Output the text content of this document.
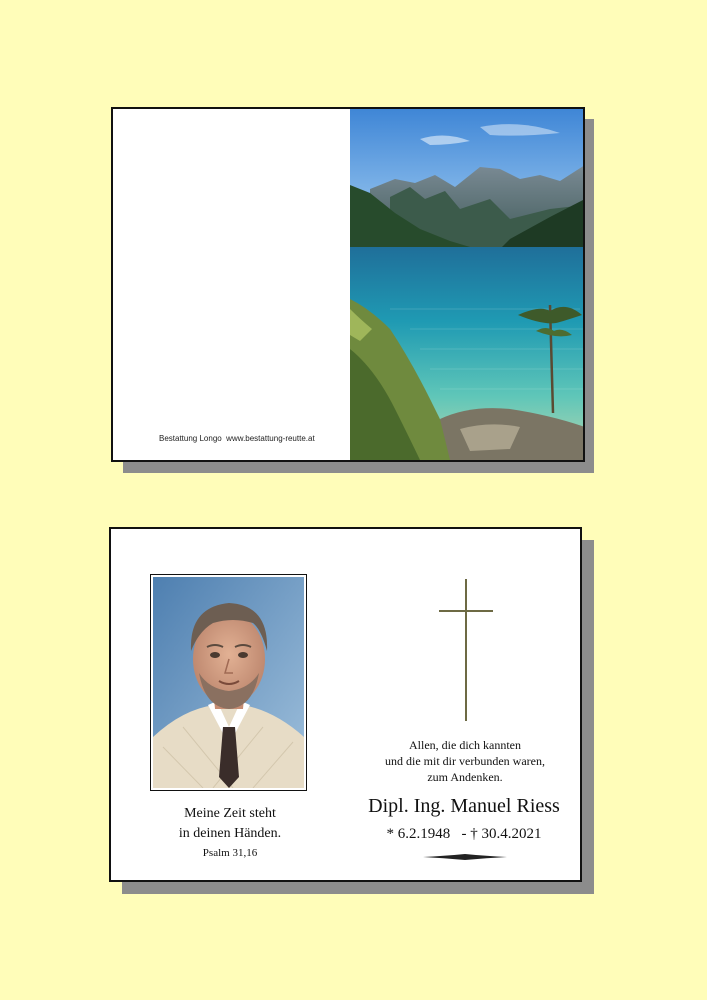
Bestattung Longo www.bestattung-reutte.at
Meine Zeit steht
in deinen Händen.
Psalm 31,16
Allen, die dich kannten
und die mit dir verbunden waren,
zum Andenken.
Dipl. Ing. Manuel Riess
* 6.2.1948 - † 30.4.2021
